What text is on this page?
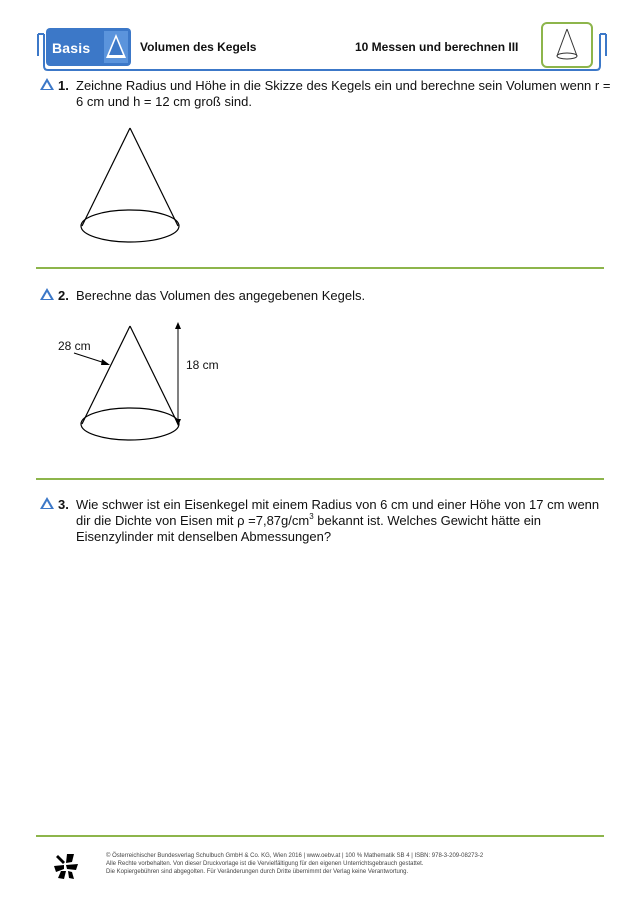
Basis	Volumen des Kegels	10 Messen und berechnen III
1. Zeichne Radius und Höhe in die Skizze des Kegels ein und berechne sein Volumen wenn r = 6 cm und h = 12 cm groß sind.
2. Berechne das Volumen des angegebenen Kegels.
28 cm
18 cm
3. Wie schwer ist ein Eisenkegel mit einem Radius von 6 cm und einer Höhe von 17 cm wenn dir die Dichte von Eisen mit $\rho =7,87g/cm^3$ bekannt ist. Welches Gewicht hätte ein Eisenzylinder mit denselben Abmessungen?
© Österreichischer Bundesverlag Schulbuch GmbH & Co. KG, Wien 2016 | www.oebv.at | 100 % Mathematik SB 4 | ISBN: 978-3-209-08273-2
Alle Rechte vorbehalten. Von dieser Druckvorlage ist die Vervielfältigung für den eigenen Unterrichtsgebrauch gestattet.
Die Kopiergebühren sind abgegolten. Für Veränderungen durch Dritte übernimmt der Verlag keine Verantwortung.
